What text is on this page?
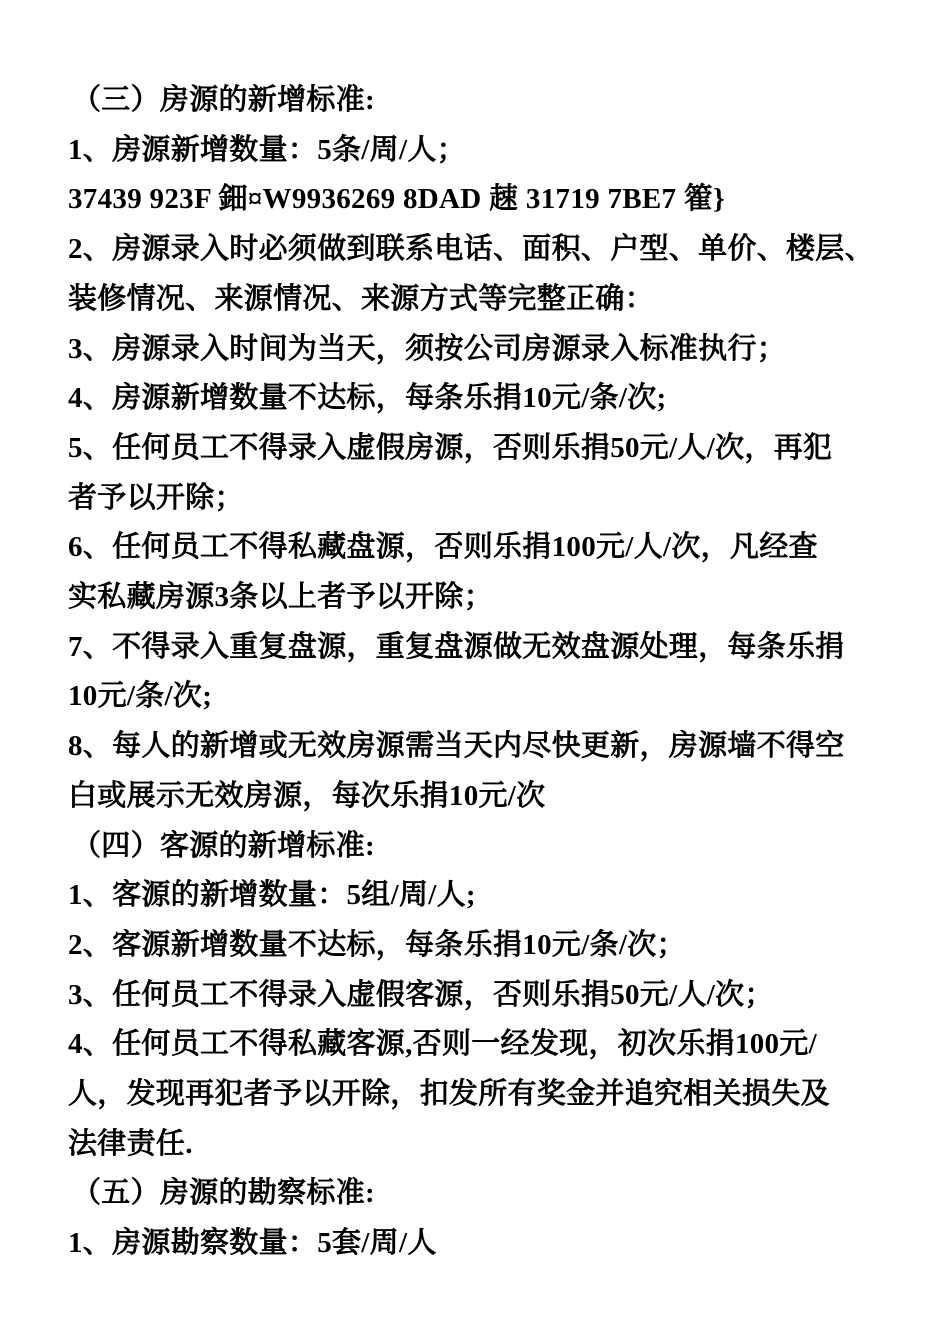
（三）房源的新增标准:
1、房源新增数量：5条/周/人；
37439 923F 鈿¤W9936269 8DAD 趚 31719 7BE7 篧}
2、房源录入时必须做到联系电话、面积、户型、单价、楼层、
装修情况、来源情况、来源方式等完整正确：
3、房源录入时间为当天，须按公司房源录入标准执行；
4、房源新增数量不达标，每条乐捐10元/条/次;
5、任何员工不得录入虚假房源，否则乐捐50元/人/次，再犯
者予以开除；
6、任何员工不得私藏盘源，否则乐捐100元/人/次，凡经查
实私藏房源3条以上者予以开除；
7、不得录入重复盘源，重复盘源做无效盘源处理，每条乐捐
10元/条/次;
8、每人的新增或无效房源需当天内尽快更新，房源墙不得空
白或展示无效房源，每次乐捐10元/次
（四）客源的新增标准:
1、客源的新增数量：5组/周/人;
2、客源新增数量不达标，每条乐捐10元/条/次；
3、任何员工不得录入虚假客源，否则乐捐50元/人/次；
4、任何员工不得私藏客源,否则一经发现，初次乐捐100元/
人，发现再犯者予以开除，扣发所有奖金并追究相关损失及
法律责任.
（五）房源的勘察标准:
1、房源勘察数量：5套/周/人
